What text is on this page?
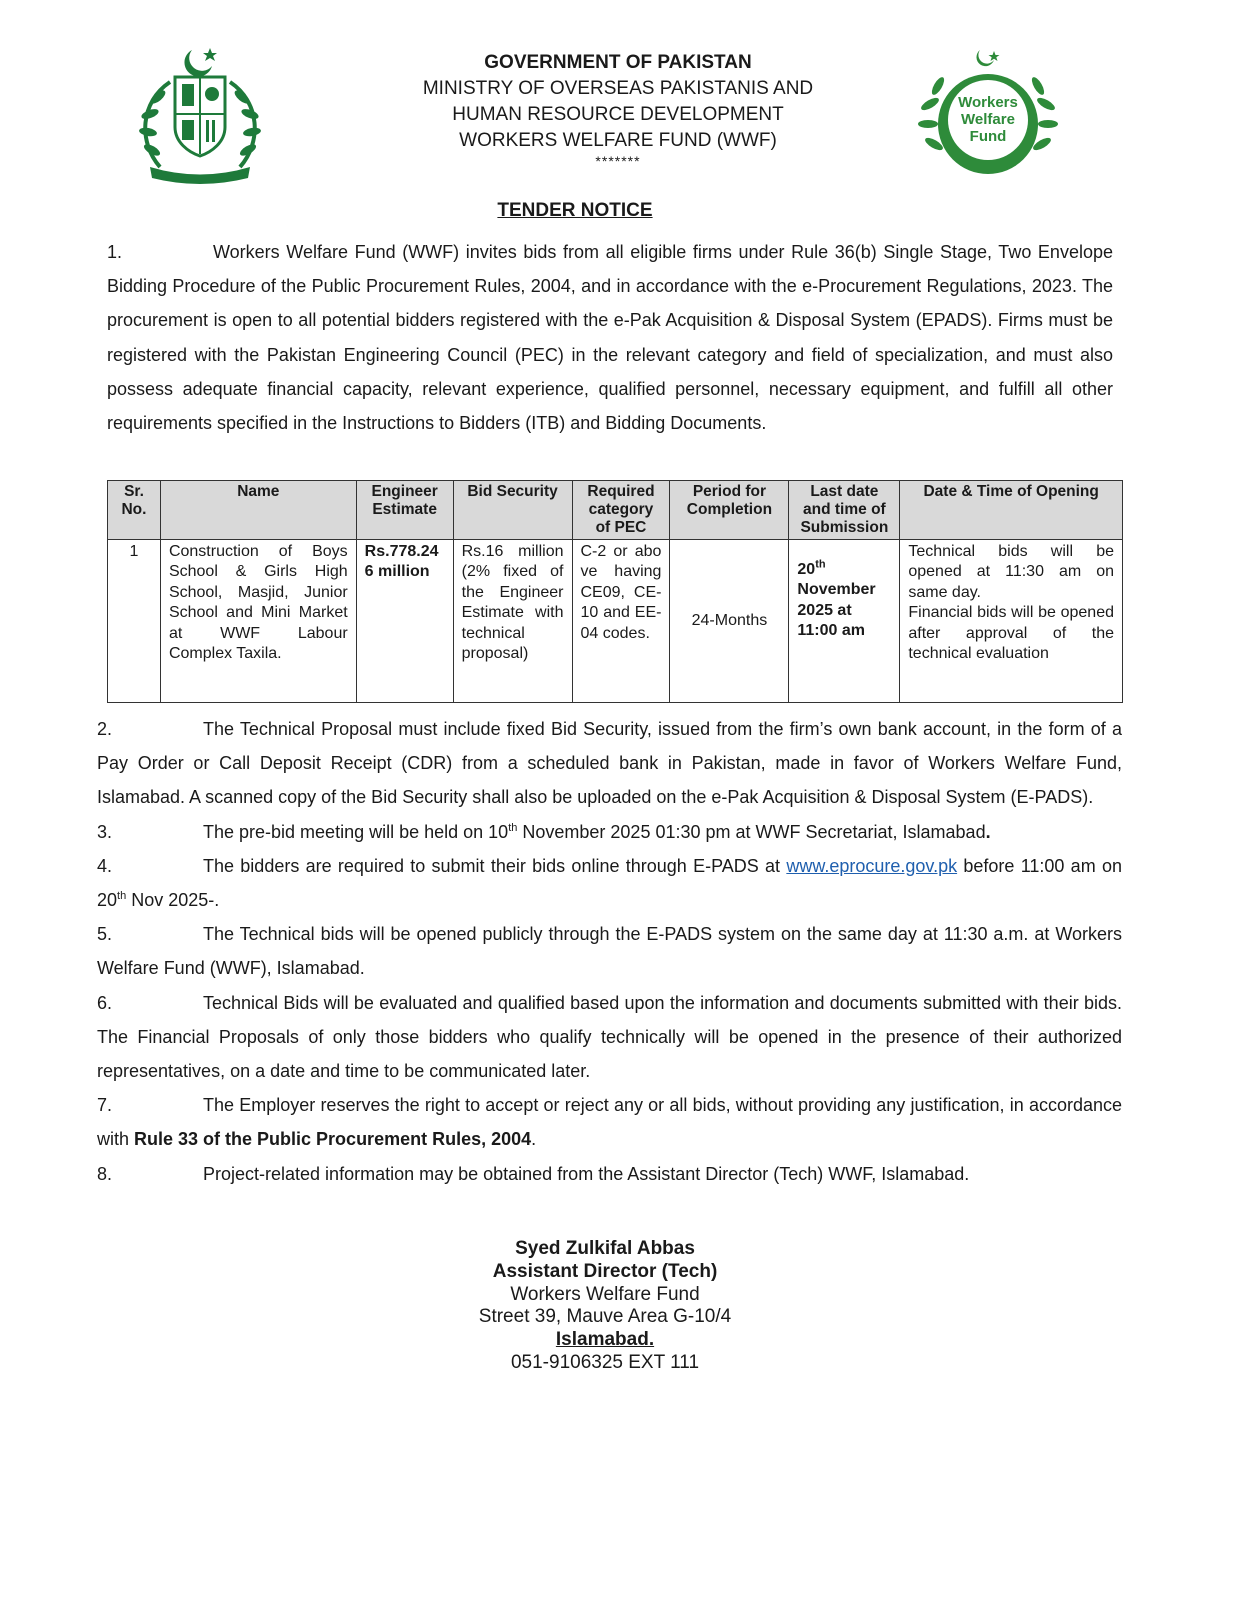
GOVERNMENT OF PAKISTAN
MINISTRY OF OVERSEAS PAKISTANIS AND
HUMAN RESOURCE DEVELOPMENT
WORKERS WELFARE FUND (WWF)
*******
Workers
Welfare
Fund
TENDER NOTICE
1.	Workers Welfare Fund (WWF) invites bids from all eligible firms under Rule 36(b) Single Stage, Two Envelope Bidding Procedure of the Public Procurement Rules, 2004, and in accordance with the e-Procurement Regulations, 2023. The procurement is open to all potential bidders registered with the e-Pak Acquisition & Disposal System (EPADS). Firms must be registered with the Pakistan Engineering Council (PEC) in the relevant category and field of specialization, and must also possess adequate financial capacity, relevant experience, qualified personnel, necessary equipment, and fulfill all other requirements specified in the Instructions to Bidders (ITB) and Bidding Documents.
Sr. No.	Name	Engineer Estimate	Bid Security	Required category of PEC	Period for Completion	Last date and time of Submission	Date & Time of Opening
1	Construction of Boys School & Girls High School, Masjid, Junior School and Mini Market at WWF Labour Complex Taxila.	Rs.778.246 million	Rs.16 million (2% fixed of the Engineer Estimate with technical proposal)	C-2 or above having CE09, CE-10 and EE-04 codes.	24-Months	20th November 2025 at 11:00 am	Technical bids will be opened at 11:30 am on same day.
Financial bids will be opened after approval of the technical evaluation

2.	The Technical Proposal must include fixed Bid Security, issued from the firm’s own bank account, in the form of a Pay Order or Call Deposit Receipt (CDR) from a scheduled bank in Pakistan, made in favor of Workers Welfare Fund, Islamabad. A scanned copy of the Bid Security shall also be uploaded on the e-Pak Acquisition & Disposal System (E-PADS).

3.	The pre-bid meeting will be held on 10th November 2025 01:30 pm at WWF Secretariat, Islamabad.

4.	The bidders are required to submit their bids online through E-PADS at www.eprocure.gov.pk before 11:00 am on 20th Nov 2025-.

5.	The Technical bids will be opened publicly through the E-PADS system on the same day at 11:30 a.m. at Workers Welfare Fund (WWF), Islamabad.

6.	Technical Bids will be evaluated and qualified based upon the information and documents submitted with their bids. The Financial Proposals of only those bidders who qualify technically will be opened in the presence of their authorized representatives, on a date and time to be communicated later.

7.	The Employer reserves the right to accept or reject any or all bids, without providing any justification, in accordance with Rule 33 of the Public Procurement Rules, 2004.

8.	Project-related information may be obtained from the Assistant Director (Tech) WWF, Islamabad.

Syed Zulkifal Abbas
Assistant Director (Tech)
Workers Welfare Fund
Street 39, Mauve Area G-10/4
Islamabad.
051-9106325 EXT 111
